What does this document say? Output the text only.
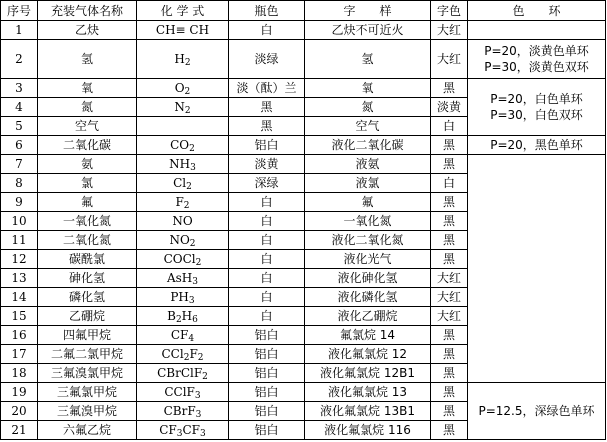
序号	充装气体名称	化 学 式	瓶色	字　　样	字色	色　　环
1	乙炔	CH≡ CH	白	乙炔不可近火	大红	
2	氢	$H_2$	淡绿	氢	大红	P=20，淡黄色单环
P=30，淡黄色双环

3	氧	$O_2$	淡（酞）兰	氧	黑	P=20，白色单环
P=30，白色双环

4	氮	$N_2$	黑	氮	淡黄	
5	空气		黑	空气	白	
6	二氧化碳	$CO_2$	铝白	液化二氧化碳	黑	P=20，黑色单环
7	氨	$NH_3$	淡黄	液氨	黑	
8	氯	$Cl_2$	深绿	液氯	白	
9	氟	$F_2$	白	氟	黑	
10	一氧化氮	NO	白	一氧化氮	黑	
11	二氧化氮	$NO_2$	白	液化二氧化氮	黑	
12	碳酰氯	COCl$_2$	白	液化光气	黑	
13	砷化氢	AsH$_3$	白	液化砷化氢	大红	
14	磷化氢	$PH_3$	白	液化磷化氢	大红	
15	乙硼烷	$B_2H_6$	白	液化乙硼烷	大红	
16	四氟甲烷	$CF_4$	铝白	氟氯烷 14	黑	
17	二氟二氯甲烷	$CCl_2F_2$	铝白	液化氟氯烷 12	黑	
18	三氟溴氯甲烷	CBrClF$_2$	铝白	液化氟氯烷 12B1	黑	
19	三氟氯甲烷	CClF$_3$	铝白	液化氟氯烷 13	黑	P=12.5，深绿色单环
20	三氟溴甲烷	CBrF$_3$	铝白	液化氟氯烷 13B1	黑	
21	六氟乙烷	$CF_3CF_3$	铝白	液化氟氯烷 116	黑	
